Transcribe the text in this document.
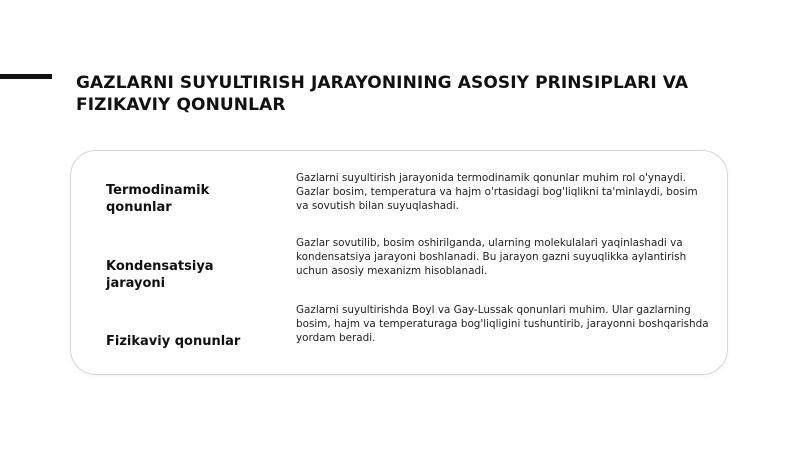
GAZLARNI SUYULTIRISH JARAYONINING ASOSIY PRINSIPLARI VA FIZIKAVIY QONUNLAR

Termodinamik qonunlar

Gazlarni suyultirish jarayonida termodinamik qonunlar muhim rol o'ynaydi. Gazlar bosim, temperatura va hajm o'rtasidagi bog'liqlikni ta'minlaydi, bosim va sovutish bilan suyuqlashadi.

Kondensatsiya jarayoni

Gazlar sovutilib, bosim oshirilganda, ularning molekulalari yaqinlashadi va kondensatsiya jarayoni boshlanadi. Bu jarayon gazni suyuqlikka aylantirish uchun asosiy mexanizm hisoblanadi.

Fizikaviy qonunlar

Gazlarni suyultirishda Boyl va Gay-Lussak qonunlari muhim. Ular gazlarning bosim, hajm va temperaturaga bog'liqligini tushuntirib, jarayonni boshqarishda yordam beradi.
